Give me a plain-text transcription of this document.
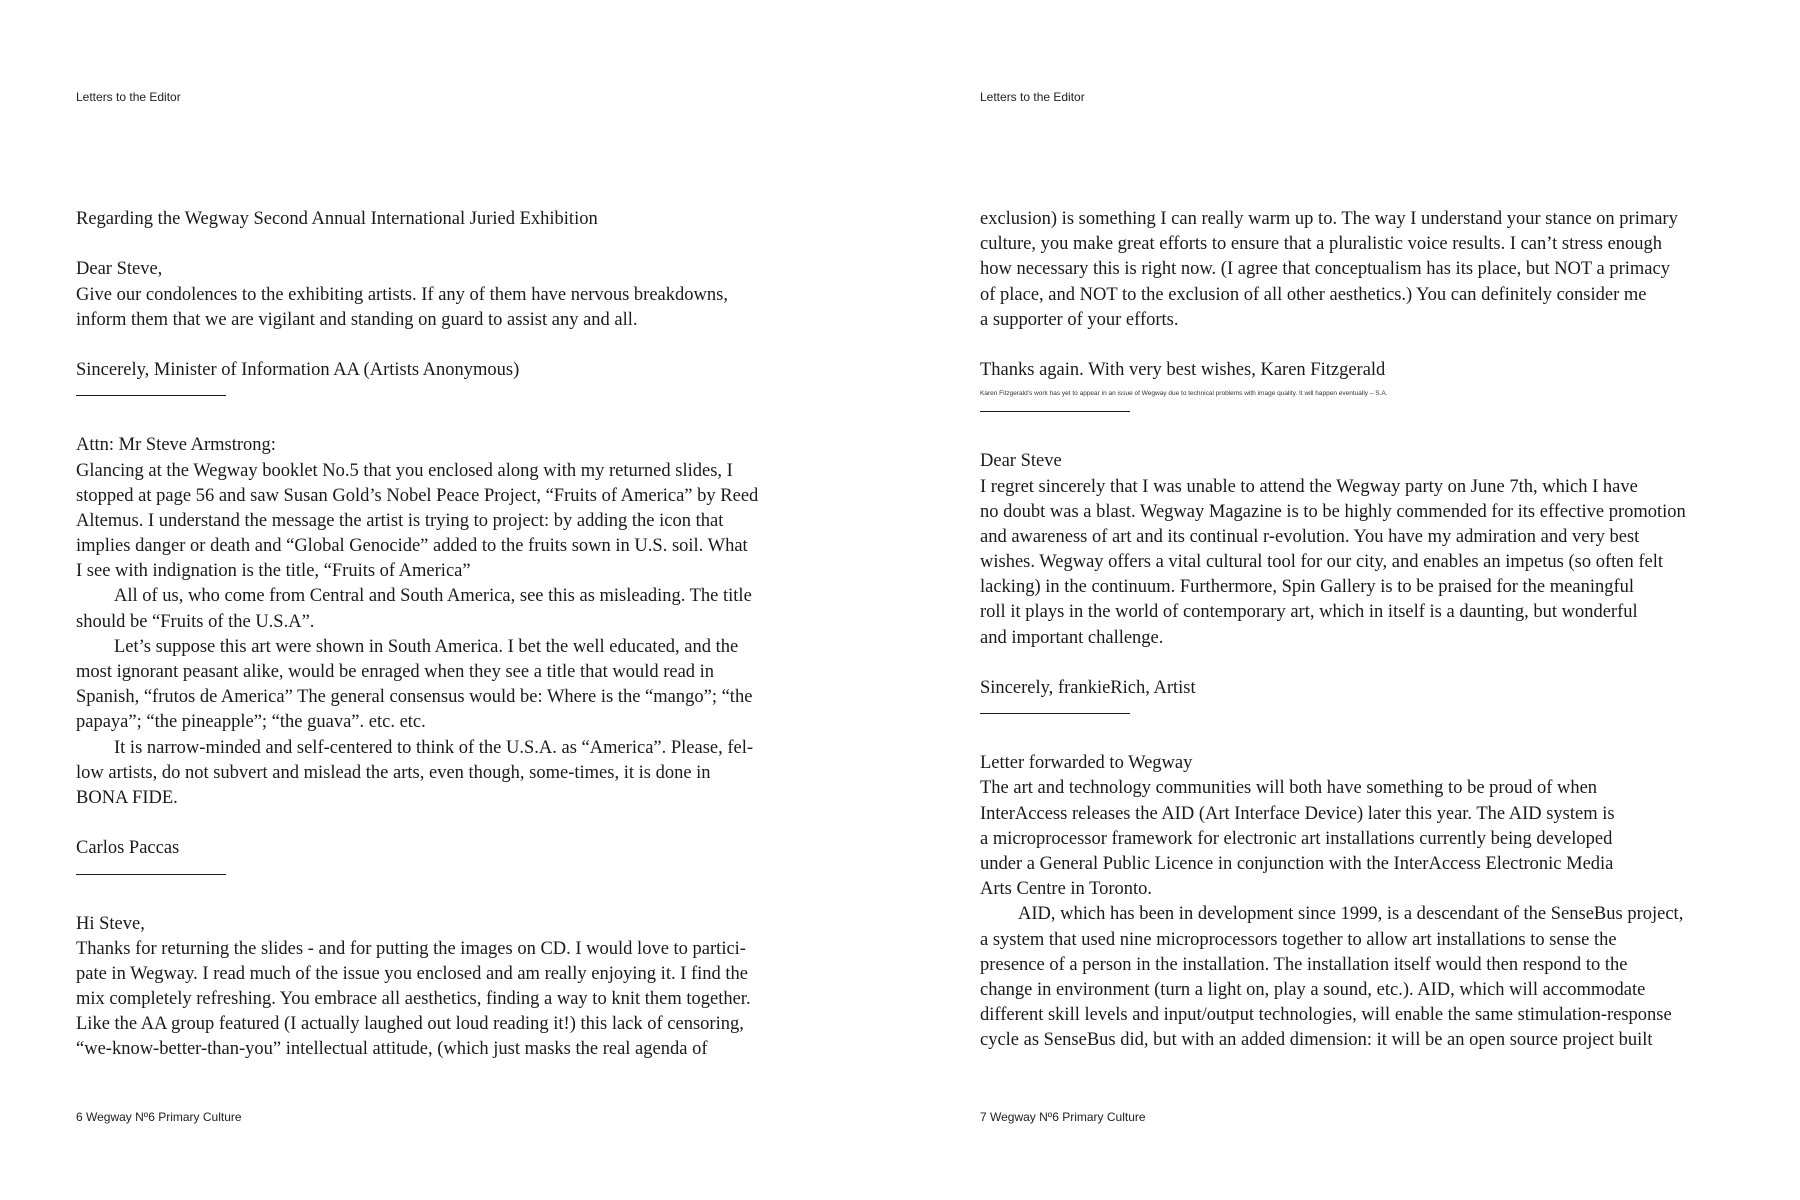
Letters to the Editor
Regarding the Wegway Second Annual International Juried Exhibition
Dear Steve,
Give our condolences to the exhibiting artists. If any of them have nervous breakdowns,
inform them that we are vigilant and standing on guard to assist any and all.
Sincerely, Minister of Information AA (Artists Anonymous)
Attn: Mr Steve Armstrong:
Glancing at the Wegway booklet No.5 that you enclosed along with my returned slides, I
stopped at page 56 and saw Susan Gold’s Nobel Peace Project, “Fruits of America” by Reed
Altemus. I understand the message the artist is trying to project: by adding the icon that
implies danger or death and “Global Genocide” added to the fruits sown in U.S. soil. What
I see with indignation is the title, “Fruits of America”
All of us, who come from Central and South America, see this as misleading. The title
should be “Fruits of the U.S.A”.
Let’s suppose this art were shown in South America. I bet the well educated, and the
most ignorant peasant alike, would be enraged when they see a title that would read in
Spanish, “frutos de America” The general consensus would be: Where is the “mango”; “the
papaya”; “the pineapple”; “the guava”. etc. etc.
It is narrow-minded and self-centered to think of the U.S.A. as “America”. Please, fel-
low artists, do not subvert and mislead the arts, even though, some-times, it is done in
BONA FIDE.
Carlos Paccas
Hi Steve,
Thanks for returning the slides - and for putting the images on CD. I would love to partici-
pate in Wegway. I read much of the issue you enclosed and am really enjoying it. I find the
mix completely refreshing. You embrace all aesthetics, finding a way to knit them together.
Like the AA group featured (I actually laughed out loud reading it!) this lack of censoring,
“we-know-better-than-you” intellectual attitude, (which just masks the real agenda of
6 Wegway Nº6 Primary Culture
Letters to the Editor
exclusion) is something I can really warm up to. The way I understand your stance on primary
culture, you make great efforts to ensure that a pluralistic voice results. I can’t stress enough
how necessary this is right now. (I agree that conceptualism has its place, but NOT a primacy
of place, and NOT to the exclusion of all other aesthetics.) You can definitely consider me
a supporter of your efforts.
Thanks again. With very best wishes, Karen Fitzgerald
Karen Fitzgerald’s work has yet to appear in an issue of Wegway due to technical problems with image quality. It will happen eventually – S.A.
Dear Steve
I regret sincerely that I was unable to attend the Wegway party on June 7th, which I have
no doubt was a blast. Wegway Magazine is to be highly commended for its effective promotion
and awareness of art and its continual r-evolution. You have my admiration and very best
wishes. Wegway offers a vital cultural tool for our city, and enables an impetus (so often felt
lacking) in the continuum. Furthermore, Spin Gallery is to be praised for the meaningful
roll it plays in the world of contemporary art, which in itself is a daunting, but wonderful
and important challenge.
Sincerely, frankieRich, Artist
Letter forwarded to Wegway
The art and technology communities will both have something to be proud of when
InterAccess releases the AID (Art Interface Device) later this year. The AID system is
a microprocessor framework for electronic art installations currently being developed
under a General Public Licence in conjunction with the InterAccess Electronic Media
Arts Centre in Toronto.
AID, which has been in development since 1999, is a descendant of the SenseBus project,
a system that used nine microprocessors together to allow art installations to sense the
presence of a person in the installation. The installation itself would then respond to the
change in environment (turn a light on, play a sound, etc.). AID, which will accommodate
different skill levels and input/output technologies, will enable the same stimulation-response
cycle as SenseBus did, but with an added dimension: it will be an open source project built
7 Wegway Nº6 Primary Culture
